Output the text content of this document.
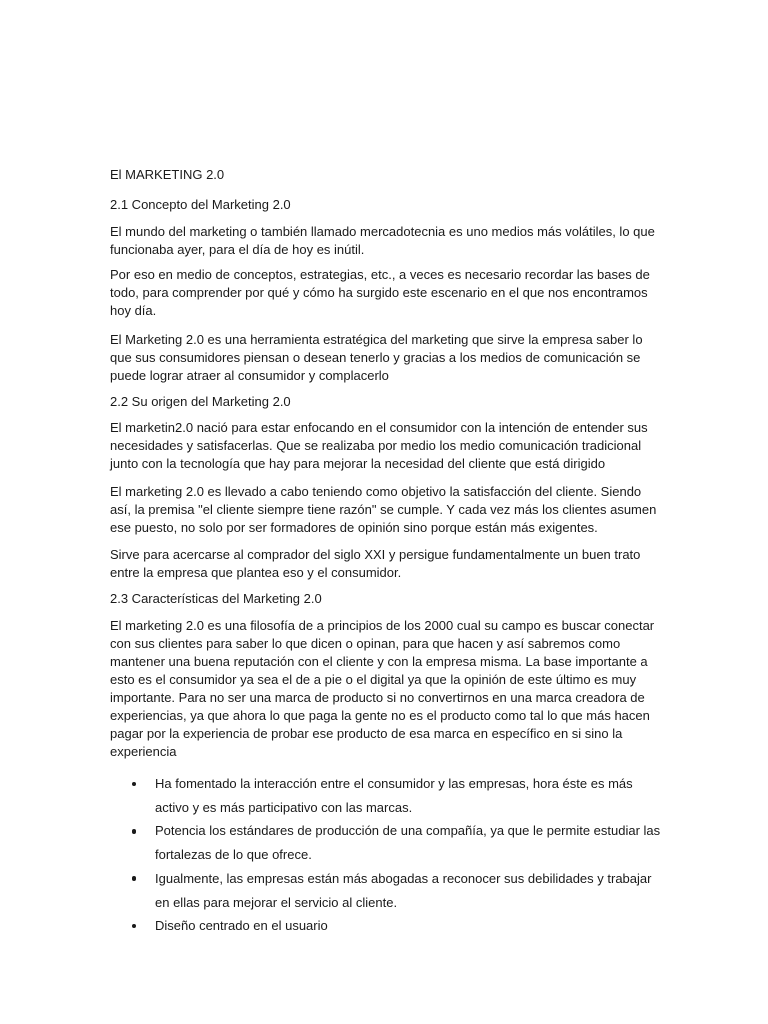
El MARKETING 2.0
2.1 Concepto del Marketing 2.0

El mundo del marketing o también llamado mercadotecnia es uno medios más volátiles, lo que funcionaba ayer, para el día de hoy es inútil.

Por eso en medio de conceptos, estrategias, etc., a veces es necesario recordar las bases de todo, para comprender por qué y cómo ha surgido este escenario en el que nos encontramos hoy día.

El Marketing 2.0 es una herramienta estratégica del marketing que sirve la empresa saber lo que sus consumidores piensan o desean tenerlo y gracias a los medios de comunicación se puede lograr atraer al consumidor y complacerlo

2.2 Su origen del Marketing 2.0

El marketin2.0 nació para estar enfocando en el consumidor con la intención de entender sus necesidades y satisfacerlas. Que se realizaba por medio los medio comunicación tradicional junto con la tecnología que hay para mejorar la necesidad del cliente que está dirigido

El marketing 2.0 es llevado a cabo teniendo como objetivo la satisfacción del cliente. Siendo así, la premisa "el cliente siempre tiene razón" se cumple. Y cada vez más los clientes asumen ese puesto, no solo por ser formadores de opinión sino porque están más exigentes.

Sirve para acercarse al comprador del siglo XXI y persigue fundamentalmente un buen trato entre la empresa que plantea eso y el consumidor.

2.3 Características del Marketing 2.0

El marketing 2.0 es una filosofía de a principios de los 2000 cual su campo es buscar conectar con sus clientes para saber lo que dicen o opinan, para que hacen y así sabremos como mantener una buena reputación con el cliente y con la empresa misma. La base importante a esto es el consumidor ya sea el de a pie o el digital ya que la opinión de este último es muy importante. Para no ser una marca de producto si no convertirnos en una marca creadora de experiencias, ya que ahora lo que paga la gente no es el producto como tal lo que más hacen pagar por la experiencia de probar ese producto de esa marca en específico en si sino la experiencia

Ha fomentado la interacción entre el consumidor y las empresas, hora éste es más activo y es más participativo con las marcas.
Potencia los estándares de producción de una compañía, ya que le permite estudiar las fortalezas de lo que ofrece.
Igualmente, las empresas están más abogadas a reconocer sus debilidades y trabajar en ellas para mejorar el servicio al cliente.
Diseño centrado en el usuario
